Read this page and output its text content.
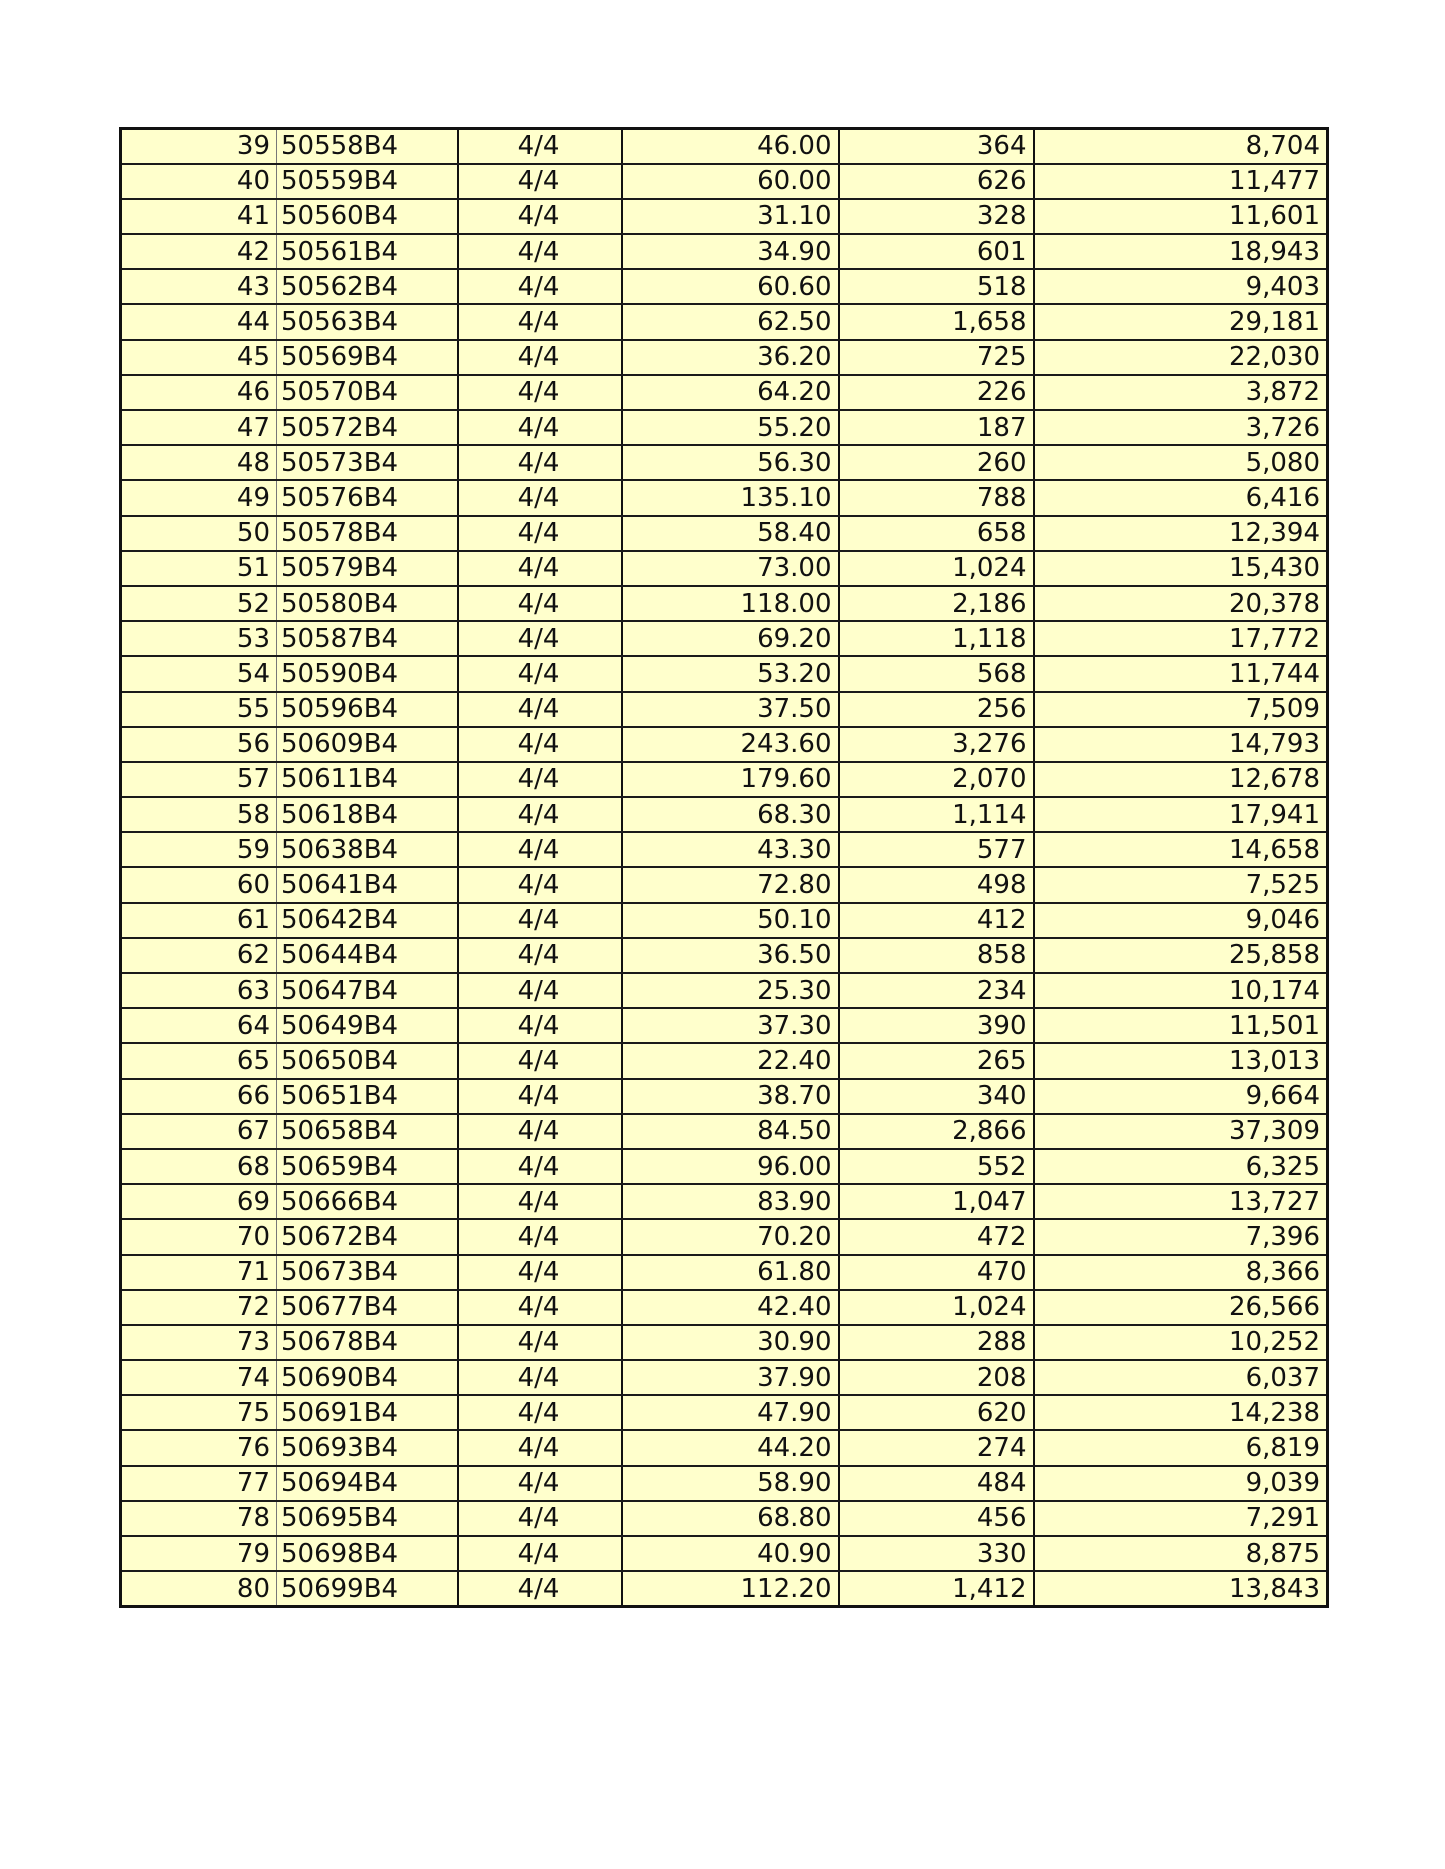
39	50558B4	4/4	46.00	364	8,704
40	50559B4	4/4	60.00	626	11,477
41	50560B4	4/4	31.10	328	11,601
42	50561B4	4/4	34.90	601	18,943
43	50562B4	4/4	60.60	518	9,403
44	50563B4	4/4	62.50	1,658	29,181
45	50569B4	4/4	36.20	725	22,030
46	50570B4	4/4	64.20	226	3,872
47	50572B4	4/4	55.20	187	3,726
48	50573B4	4/4	56.30	260	5,080
49	50576B4	4/4	135.10	788	6,416
50	50578B4	4/4	58.40	658	12,394
51	50579B4	4/4	73.00	1,024	15,430
52	50580B4	4/4	118.00	2,186	20,378
53	50587B4	4/4	69.20	1,118	17,772
54	50590B4	4/4	53.20	568	11,744
55	50596B4	4/4	37.50	256	7,509
56	50609B4	4/4	243.60	3,276	14,793
57	50611B4	4/4	179.60	2,070	12,678
58	50618B4	4/4	68.30	1,114	17,941
59	50638B4	4/4	43.30	577	14,658
60	50641B4	4/4	72.80	498	7,525
61	50642B4	4/4	50.10	412	9,046
62	50644B4	4/4	36.50	858	25,858
63	50647B4	4/4	25.30	234	10,174
64	50649B4	4/4	37.30	390	11,501
65	50650B4	4/4	22.40	265	13,013
66	50651B4	4/4	38.70	340	9,664
67	50658B4	4/4	84.50	2,866	37,309
68	50659B4	4/4	96.00	552	6,325
69	50666B4	4/4	83.90	1,047	13,727
70	50672B4	4/4	70.20	472	7,396
71	50673B4	4/4	61.80	470	8,366
72	50677B4	4/4	42.40	1,024	26,566
73	50678B4	4/4	30.90	288	10,252
74	50690B4	4/4	37.90	208	6,037
75	50691B4	4/4	47.90	620	14,238
76	50693B4	4/4	44.20	274	6,819
77	50694B4	4/4	58.90	484	9,039
78	50695B4	4/4	68.80	456	7,291
79	50698B4	4/4	40.90	330	8,875
80	50699B4	4/4	112.20	1,412	13,843
